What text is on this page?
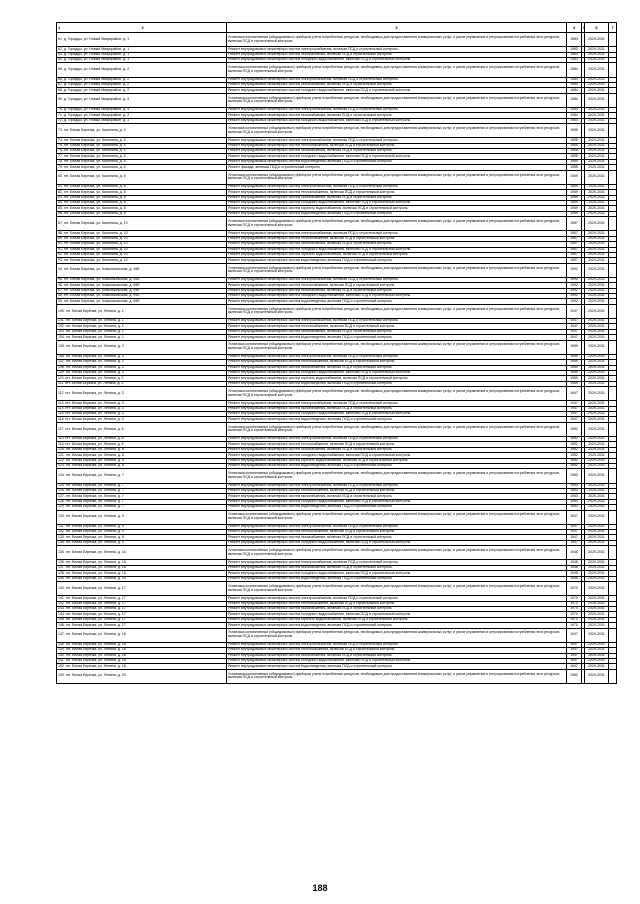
1 2	3	4	5	6	7
61. д. Городцы, ул. Новый Микрорайон, д. 1	Установка коллективных (общедомовых) приборов учета потребления ресурсов, необходимых для предоставления коммунальных услуг, и узлов управления и регулирования потребления этих ресурсов, включая ПСД и строительный контроль	1983		2029-2031	
62. д. Городцы, ул. Новый Микрорайон, д. 1	Ремонт внутридомовых инженерных систем электроснабжения, включая ПСД и строительный контроль	1983		2029-2031	
63. д. Городцы, ул. Новый Микрорайон, д. 1	Ремонт внутридомовых инженерных систем газоснабжения, включая ПСД и строительный контроль	1983		2029-2031	
64. д. Городцы, ул. Новый Микрорайон, д. 1	Ремонт внутридомовых инженерных систем холодного водоснабжения, включая ПСД и строительный контроль	1983		2029-2031	
65. д. Городцы, ул. Новый Микрорайон, д. 2	Установка коллективных (общедомовых) приборов учета потребления ресурсов, необходимых для предоставления коммунальных услуг, и узлов управления и регулирования потребления этих ресурсов, включая ПСД и строительный контроль	1984		2029-2031	
66. д. Городцы, ул. Новый Микрорайон, д. 2	Ремонт внутридомовых инженерных систем электроснабжения, включая ПСД и строительный контроль	1984		2029-2031	
67. д. Городцы, ул. Новый Микрорайон, д. 2	Ремонт внутридомовых инженерных систем газоснабжения, включая ПСД и строительный контроль	1984		2029-2031	
68. д. Городцы, ул. Новый Микрорайон, д. 2	Ремонт внутридомовых инженерных систем холодного водоснабжения, включая ПСД и строительный контроль	1984		2029-2031	
69. д. Городцы, ул. Новый Микрорайон, д. 3	Установка коллективных (общедомовых) приборов учета потребления ресурсов, необходимых для предоставления коммунальных услуг, и узлов управления и регулирования потребления этих ресурсов, включая ПСД и строительный контроль	1984		2029-2031	
70. д. Городцы, ул. Новый Микрорайон, д. 3	Ремонт внутридомовых инженерных систем электроснабжения, включая ПСД и строительный контроль	1984		2029-2031	
71. д. Городцы, ул. Новый Микрорайон, д. 3	Ремонт внутридомовых инженерных систем газоснабжения, включая ПСД и строительный контроль	1984		2029-2031	
72. д. Городцы, ул. Новый Микрорайон, д. 3	Ремонт внутридомовых инженерных систем холодного водоснабжения, включая ПСД и строительный контроль	1984		2029-2031	
73. пгт. Белая Березка, ул. Калинина, д. 4	Установка коллективных (общедомовых) приборов учета потребления ресурсов, необходимых для предоставления коммунальных услуг, и узлов управления и регулирования потребления этих ресурсов, включая ПСД и строительный контроль	1955		2029-2031	
74. пгт. Белая Березка, ул. Калинина, д. 4	Ремонт внутридомовых инженерных систем электроснабжения, включая ПСД и строительный контроль	1955		2029-2031	
75. пгт. Белая Березка, ул. Калинина, д. 4	Ремонт внутридомовых инженерных систем теплоснабжения, включая ПСД и строительный контроль	1955		2029-2031	
76. пгт. Белая Березка, ул. Калинина, д. 4	Ремонт внутридомовых инженерных систем газоснабжения, включая ПСД и строительный контроль	1955		2029-2031	
77. пгт. Белая Березка, ул. Калинина, д. 4	Ремонт внутридомовых инженерных систем холодного водоснабжения, включая ПСД и строительный контроль	1955		2029-2031	
78. пгт. Белая Березка, ул. Калинина, д. 4	Ремонт внутридомовых инженерных систем водоотведения, включая ПСД и строительный контроль	1955		2029-2031	
79. пгт. Белая Березка, ул. Калинина, д. 4	Ремонт фасада, включая ПСД и строительный контроль	1955		2029-2031	
80. пгт. Белая Березка, ул. Калинина, д. 8	Установка коллективных (общедомовых) приборов учета потребления ресурсов, необходимых для предоставления коммунальных услуг, и узлов управления и регулирования потребления этих ресурсов, включая ПСД и строительный контроль	1959		2029-2031	
81. пгт. Белая Березка, ул. Калинина, д. 8	Ремонт внутридомовых инженерных систем электроснабжения, включая ПСД и строительный контроль	1959		2029-2031	
82. пгт. Белая Березка, ул. Калинина, д. 8	Ремонт внутридомовых инженерных систем теплоснабжения, включая ПСД и строительный контроль	1959		2029-2031	
83. пгт. Белая Березка, ул. Калинина, д. 8	Ремонт внутридомовых инженерных систем газоснабжения, включая ПСД и строительный контроль	1959		2029-2031	
84. пгт. Белая Березка, ул. Калинина, д. 8	Ремонт внутридомовых инженерных систем холодного водоснабжения, включая ПСД и строительный контроль	1959		2029-2031	
85. пгт. Белая Березка, ул. Калинина, д. 8	Ремонт внутридомовых инженерных систем горячего водоснабжения, включая ПСД и строительный контроль	1959		2029-2031	
86. пгт. Белая Березка, ул. Калинина, д. 8	Ремонт внутридомовых инженерных систем водоотведения, включая ПСД и строительный контроль	1959		2029-2031	
87. пгт. Белая Березка, ул. Калинина, д. 10	Установка коллективных (общедомовых) приборов учета потребления ресурсов, необходимых для предоставления коммунальных услуг, и узлов управления и регулирования потребления этих ресурсов, включая ПСД и строительный контроль	1957		2029-2031	
88. пгт. Белая Березка, ул. Калинина, д. 10	Ремонт внутридомовых инженерных систем электроснабжения, включая ПСД и строительный контроль	1957		2029-2031	
89. пгт. Белая Березка, ул. Калинина, д. 10	Ремонт внутридомовых инженерных систем теплоснабжения, включая ПСД и строительный контроль	1957		2029-2031	
90. пгт. Белая Березка, ул. Калинина, д. 10	Ремонт внутридомовых инженерных систем газоснабжения, включая ПСД и строительный контроль	1957		2029-2031	
91. пгт. Белая Березка, ул. Калинина, д. 10	Ремонт внутридомовых инженерных систем холодного водоснабжения, включая ПСД и строительный контроль	1957		2029-2031	
92. пгт. Белая Березка, ул. Калинина, д. 10	Ремонт внутридомовых инженерных систем горячего водоснабжения, включая ПСД и строительный контроль	1957		2029-2031	
93. пгт. Белая Березка, ул. Калинина, д. 10	Ремонт внутридомовых инженерных систем водоотведения, включая ПСД и строительный контроль	1957		2029-2031	
94. пгт. Белая Березка, ул. Комсомольская, д. 99Б	Установка коллективных (общедомовых) приборов учета потребления ресурсов, необходимых для предоставления коммунальных услуг, и узлов управления и регулирования потребления этих ресурсов, включая ПСД и строительный контроль	1992		2029-2031	
95. пгт. Белая Березка, ул. Комсомольская, д. 99Б	Ремонт внутридомовых инженерных систем электроснабжения, включая ПСД и строительный контроль	1992		2029-2031	
96. пгт. Белая Березка, ул. Комсомольская, д. 99Б	Ремонт внутридомовых инженерных систем теплоснабжения, включая ПСД и строительный контроль	1992		2029-2031	
97. пгт. Белая Березка, ул. Комсомольская, д. 99Б	Ремонт внутридомовых инженерных систем газоснабжения, включая ПСД и строительный контроль	1992		2029-2031	
98. пгт. Белая Березка, ул. Комсомольская, д. 99Б	Ремонт внутридомовых инженерных систем холодного водоснабжения, включая ПСД и строительный контроль	1992		2029-2031	
99. пгт. Белая Березка, ул. Комсомольская, д. 99Б	Ремонт внутридомовых инженерных систем водоотведения, включая ПСД и строительный контроль	1992		2029-2031	
100. пгт. Белая Березка, ул. Ленина, д. 1	Установка коллективных (общедомовых) приборов учета потребления ресурсов, необходимых для предоставления коммунальных услуг, и узлов управления и регулирования потребления этих ресурсов, включая ПСД и строительный контроль	1947		2029-2031	
101. пгт. Белая Березка, ул. Ленина, д. 1	Ремонт внутридомовых инженерных систем электроснабжения, включая ПСД и строительный контроль	1947		2029-2031	
102. пгт. Белая Березка, ул. Ленина, д. 1	Ремонт внутридомовых инженерных систем теплоснабжения, включая ПСД и строительный контроль	1947		2029-2031	
103. пгт. Белая Березка, ул. Ленина, д. 1	Ремонт внутридомовых инженерных систем газоснабжения, включая ПСД и строительный контроль	1947		2029-2031	
104. пгт. Белая Березка, ул. Ленина, д. 1	Ремонт внутридомовых инженерных систем водоотведения, включая ПСД и строительный контроль	1947		2029-2031	
105. пгт. Белая Березка, ул. Ленина, д. 2	Установка коллективных (общедомовых) приборов учета потребления ресурсов, необходимых для предоставления коммунальных услуг, и узлов управления и регулирования потребления этих ресурсов, включая ПСД и строительный контроль	1959		2029-2031	
106. пгт. Белая Березка, ул. Ленина, д. 2	Ремонт внутридомовых инженерных систем электроснабжения, включая ПСД и строительный контроль	1959		2029-2031	
107. пгт. Белая Березка, ул. Ленина, д. 2	Ремонт внутридомовых инженерных систем теплоснабжения, включая ПСД и строительный контроль	1959		2029-2031	
108. пгт. Белая Березка, ул. Ленина, д. 2	Ремонт внутридомовых инженерных систем газоснабжения, включая ПСД и строительный контроль	1959		2029-2031	
109. пгт. Белая Березка, ул. Ленина, д. 2	Ремонт внутридомовых инженерных систем холодного водоснабжения, включая ПСД и строительный контроль	1959		2029-2031	
110. пгт. Белая Березка, ул. Ленина, д. 2	Ремонт внутридомовых инженерных систем горячего водоснабжения, включая ПСД и строительный контроль	1959		2029-2031	
111. пгт. Белая Березка, ул. Ленина, д. 2	Ремонт внутридомовых инженерных систем водоотведения, включая ПСД и строительный контроль	1959		2029-2031	
112. пгт. Белая Березка, ул. Ленина, д. 3	Установка коллективных (общедомовых) приборов учета потребления ресурсов, необходимых для предоставления коммунальных услуг, и узлов управления и регулирования потребления этих ресурсов, включая ПСД и строительный контроль	1947		2029-2031	
113. пгт. Белая Березка, ул. Ленина, д. 3	Ремонт внутридомовых инженерных систем электроснабжения, включая ПСД и строительный контроль	1947		2029-2031	
114. пгт. Белая Березка, ул. Ленина, д. 3	Ремонт внутридомовых инженерных систем газоснабжения, включая ПСД и строительный контроль	1947		2029-2031	
115. пгт. Белая Березка, ул. Ленина, д. 3	Ремонт внутридомовых инженерных систем холодного водоснабжения, включая ПСД и строительный контроль	1947		2029-2031	
116. пгт. Белая Березка, ул. Ленина, д. 3	Ремонт внутридомовых инженерных систем водоотведения, включая ПСД и строительный контроль	1947		2029-2031	
117. пгт. Белая Березка, ул. Ленина, д. 6	Установка коллективных (общедомовых) приборов учета потребления ресурсов, необходимых для предоставления коммунальных услуг, и узлов управления и регулирования потребления этих ресурсов, включая ПСД и строительный контроль	1952		2029-2031	
118. пгт. Белая Березка, ул. Ленина, д. 6	Ремонт внутридомовых инженерных систем электроснабжения, включая ПСД и строительный контроль	1952		2029-2031	
119. пгт. Белая Березка, ул. Ленина, д. 6	Ремонт внутридомовых инженерных систем теплоснабжения, включая ПСД и строительный контроль	1952		2029-2031	
120. пгт. Белая Березка, ул. Ленина, д. 6	Ремонт внутридомовых инженерных систем газоснабжения, включая ПСД и строительный контроль	1952		2029-2031	
121. пгт. Белая Березка, ул. Ленина, д. 6	Ремонт внутридомовых инженерных систем холодного водоснабжения, включая ПСД и строительный контроль	1952		2029-2031	
122. пгт. Белая Березка, ул. Ленина, д. 6	Ремонт внутридомовых инженерных систем горячего водоснабжения, включая ПСД и строительный контроль	1952		2029-2031	
123. пгт. Белая Березка, ул. Ленина, д. 6	Ремонт внутридомовых инженерных систем водоотведения, включая ПСД и строительный контроль	1952		2029-2031	
124. пгт. Белая Березка, ул. Ленина, д. 7	Установка коллективных (общедомовых) приборов учета потребления ресурсов, необходимых для предоставления коммунальных услуг, и узлов управления и регулирования потребления этих ресурсов, включая ПСД и строительный контроль	1953		2029-2031	
125. пгт. Белая Березка, ул. Ленина, д. 7	Ремонт внутридомовых инженерных систем электроснабжения, включая ПСД и строительный контроль	1953		2029-2031	
126. пгт. Белая Березка, ул. Ленина, д. 7	Ремонт внутридомовых инженерных систем теплоснабжения, включая ПСД и строительный контроль	1953		2029-2031	
127. пгт. Белая Березка, ул. Ленина, д. 7	Ремонт внутридомовых инженерных систем газоснабжения, включая ПСД и строительный контроль	1953		2029-2031	
128. пгт. Белая Березка, ул. Ленина, д. 7	Ремонт внутридомовых инженерных систем холодного водоснабжения, включая ПСД и строительный контроль	1953		2029-2031	
129. пгт. Белая Березка, ул. Ленина, д. 7	Ремонт внутридомовых инженерных систем водоотведения, включая ПСД и строительный контроль	1953		2029-2031	
130. пгт. Белая Березка, ул. Ленина, д. 9	Установка коллективных (общедомовых) приборов учета потребления ресурсов, необходимых для предоставления коммунальных услуг, и узлов управления и регулирования потребления этих ресурсов, включая ПСД и строительный контроль	1947		2029-2031	
131. пгт. Белая Березка, ул. Ленина, д. 9	Ремонт внутридомовых инженерных систем электроснабжения, включая ПСД и строительный контроль	1947		2029-2031	
132. пгт. Белая Березка, ул. Ленина, д. 9	Ремонт внутридомовых инженерных систем теплоснабжения, включая ПСД и строительный контроль	1947		2029-2031	
133. пгт. Белая Березка, ул. Ленина, д. 9	Ремонт внутридомовых инженерных систем газоснабжения, включая ПСД и строительный контроль	1947		2029-2031	
134. пгт. Белая Березка, ул. Ленина, д. 9	Ремонт внутридомовых инженерных систем холодного водоснабжения, включая ПСД и строительный контроль	1947		2029-2031	
135. пгт. Белая Березка, ул. Ленина, д. 16	Установка коллективных (общедомовых) приборов учета потребления ресурсов, необходимых для предоставления коммунальных услуг, и узлов управления и регулирования потребления этих ресурсов, включая ПСД и строительный контроль	1948		2029-2031	
136. пгт. Белая Березка, ул. Ленина, д. 16	Ремонт внутридомовых инженерных систем электроснабжения, включая ПСД и строительный контроль	1948		2029-2031	
137. пгт. Белая Березка, ул. Ленина, д. 16	Ремонт внутридомовых инженерных систем газоснабжения, включая ПСД и строительный контроль	1948		2029-2031	
138. пгт. Белая Березка, ул. Ленина, д. 16	Ремонт внутридомовых инженерных систем холодного водоснабжения, включая ПСД и строительный контроль	1948		2029-2031	
139. пгт. Белая Березка, ул. Ленина, д. 16	Ремонт внутридомовых инженерных систем водоотведения, включая ПСД и строительный контроль	1948		2029-2031	
140. пгт. Белая Березка, ул. Ленина, д. 17	Установка коллективных (общедомовых) приборов учета потребления ресурсов, необходимых для предоставления коммунальных услуг, и узлов управления и регулирования потребления этих ресурсов, включая ПСД и строительный контроль	1970		2029-2031	
141. пгт. Белая Березка, ул. Ленина, д. 17	Ремонт внутридомовых инженерных систем электроснабжения, включая ПСД и строительный контроль	1970		2029-2031	
142. пгт. Белая Березка, ул. Ленина, д. 17	Ремонт внутридомовых инженерных систем теплоснабжения, включая ПСД и строительный контроль	1970		2029-2031	
143. пгт. Белая Березка, ул. Ленина, д. 17	Ремонт внутридомовых инженерных систем газоснабжения, включая ПСД и строительный контроль	1970		2029-2031	
144. пгт. Белая Березка, ул. Ленина, д. 17	Ремонт внутридомовых инженерных систем холодного водоснабжения, включая ПСД и строительный контроль	1970		2029-2031	
145. пгт. Белая Березка, ул. Ленина, д. 17	Ремонт внутридомовых инженерных систем горячего водоснабжения, включая ПСД и строительный контроль	1970		2029-2031	
146. пгт. Белая Березка, ул. Ленина, д. 17	Ремонт внутридомовых инженерных систем водоотведения, включая ПСД и строительный контроль	1970		2029-2031	
147. пгт. Белая Березка, ул. Ленина, д. 18	Установка коллективных (общедомовых) приборов учета потребления ресурсов, необходимых для предоставления коммунальных услуг, и узлов управления и регулирования потребления этих ресурсов, включая ПСД и строительный контроль	1947		2029-2031	
148. пгт. Белая Березка, ул. Ленина, д. 18	Ремонт внутридомовых инженерных систем электроснабжения, включая ПСД и строительный контроль	1947		2029-2031	
149. пгт. Белая Березка, ул. Ленина, д. 18	Ремонт внутридомовых инженерных систем теплоснабжения, включая ПСД и строительный контроль	1947		2029-2031	
150. пгт. Белая Березка, ул. Ленина, д. 18	Ремонт внутридомовых инженерных систем газоснабжения, включая ПСД и строительный контроль	1947		2029-2031	
151. пгт. Белая Березка, ул. Ленина, д. 18	Ремонт внутридомовых инженерных систем холодного водоснабжения, включая ПСД и строительный контроль	1947		2029-2031	
152. пгт. Белая Березка, ул. Ленина, д. 18	Ремонт внутридомовых инженерных систем водоотведения, включая ПСД и строительный контроль	1947		2029-2031	
153. пгт. Белая Березка, ул. Ленина, д. 20	Установка коллективных (общедомовых) приборов учета потребления ресурсов, необходимых для предоставления коммунальных услуг, и узлов управления и регулирования потребления этих ресурсов, включая ПСД и строительный контроль	1952		2029-2031	
188
